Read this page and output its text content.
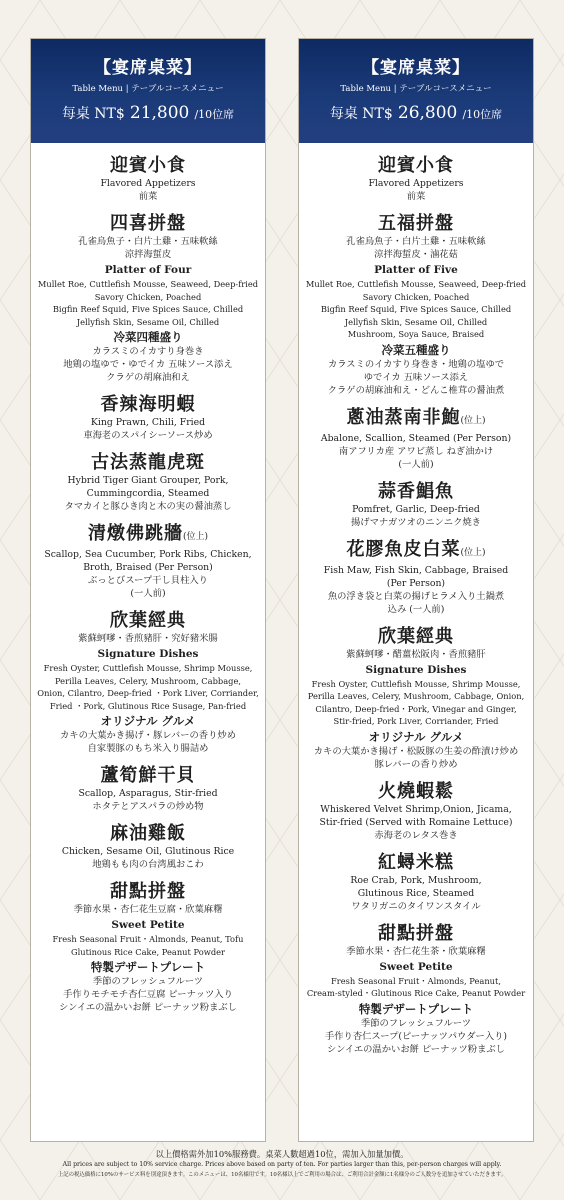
【宴席桌菜】
Table Menu | テーブルコースメニュー
每桌 NT$ 21,800 /10位席
迎賓小食
Flavored Appetizers
前菜
四喜拼盤
孔雀烏魚子・白片土雞・五味軟絲
涼拌海蜇皮
Platter of Four
Mullet Roe, Cuttlefish Mousse, Seaweed, Deep-fried
Savory Chicken, Poached
Bigfin Reef Squid, Five Spices Sauce, Chilled
Jellyfish Skin, Sesame Oil, Chilled
冷菜四種盛り
カラスミのイカすり身巻き
地鶏の塩ゆで・ゆでイカ 五味ソース添え
クラゲの胡麻油和え
香辣海明蝦
King Prawn, Chili, Fried
車海老のスパイシーソース炒め
古法蒸龍虎斑
Hybrid Tiger Giant Grouper, Pork,
Cummingcordia, Steamed
タマカイと豚ひき肉と木の実の醤油蒸し
清燉佛跳牆(位上)
Scallop, Sea Cucumber, Pork Ribs, Chicken,
Broth, Braised (Per Person)
ぶっとびスープ干し貝柱入り
(一人前)
欣葉經典
紫蘇蚵嗲・香煎豬肝・究好豬米腸
Signature Dishes
Fresh Oyster, Cuttlefish Mousse, Shrimp Mousse,
Perilla Leaves, Celery, Mushroom, Cabbage,
Onion, Cilantro, Deep-fried ・Pork Liver, Corriander,
Fried ・Pork, Glutinous Rice Susage, Pan-fried
オリジナル グルメ
カキの大葉かき揚げ・豚レバーの香り炒め
自家製豚のもち米入り腸詰め
蘆筍鮮干貝
Scallop, Asparagus, Stir-fried
ホタテとアスパラの炒め物
麻油雞飯
Chicken, Sesame Oil, Glutinous Rice
地鶏もも肉の台湾風おこわ
甜點拼盤
季節水果・杏仁花生豆腐・欣葉麻糬
Sweet Petite
Fresh Seasonal Fruit・Almonds, Peanut, Tofu
Glutinous Rice Cake, Peanut Powder
特製デザートプレート
季節のフレッシュフルーツ
手作りモチモチ杏仁豆腐 ピーナッツ入り
シンイエの温かいお餅 ピーナッツ粉まぶし
【宴席桌菜】
Table Menu | テーブルコースメニュー
每桌 NT$ 26,800 /10位席
迎賓小食
Flavored Appetizers
前菜
五福拼盤
孔雀烏魚子・白片土雞・五味軟絲
涼拌海蜇皮・滷花菇
Platter of Five
Mullet Roe, Cuttlefish Mousse, Seaweed, Deep-fried
Savory Chicken, Poached
Bigfin Reef Squid, Five Spices Sauce, Chilled
Jellyfish Skin, Sesame Oil, Chilled
Mushroom, Soya Sauce, Braised
冷菜五種盛り
カラスミのイカすり身巻き・地鶏の塩ゆで
ゆでイカ 五味ソース添え
クラゲの胡麻油和え・どんこ椎茸の醤油煮
蔥油蒸南非鮑(位上)
Abalone, Scallion, Steamed (Per Person)
南アフリカ産 アワビ蒸し ねぎ油かけ
(一人前)
蒜香鯧魚
Pomfret, Garlic, Deep-fried
揚げマナガツオのニンニク焼き
花膠魚皮白菜(位上)
Fish Maw, Fish Skin, Cabbage, Braised
(Per Person)
魚の浮き袋と白菜の揚げヒラメ入り土鍋煮
込み (一人前)
欣葉經典
紫蘇蚵嗲・醋薑松阪肉・香煎豬肝
Signature Dishes
Fresh Oyster, Cuttlefish Mousse, Shrimp Mousse,
Perilla Leaves, Celery, Mushroom, Cabbage, Onion,
Cilantro, Deep-fried・Pork, Vinegar and Ginger,
Stir-fried, Pork Liver, Corriander, Fried
オリジナル グルメ
カキの大葉かき揚げ・松阪豚の生姜の酢漬け炒め
豚レバーの香り炒め
火燒蝦鬆
Whiskered Velvet Shrimp,Onion, Jicama,
Stir-fried (Served with Romaine Lettuce)
赤海老のレタス巻き
紅蟳米糕
Roe Crab, Pork, Mushroom,
Glutinous Rice, Steamed
ワタリガニのタイワンスタイル
甜點拼盤
季節水果・杏仁花生茶・欣葉麻糬
Sweet Petite
Fresh Seasonal Fruit・Almonds, Peanut,
Cream-styled・Glutinous Rice Cake, Peanut Powder
特製デザートプレート
季節のフレッシュフルーツ
手作り杏仁スープ(ピーナッツパウダー入り)
シンイエの温かいお餅 ピーナッツ粉まぶし
以上價格需外加10%服務費。桌菜人數超過10位，需加入加量加價。
All prices are subject to 10% service charge. Prices above based on party of ten. For parties larger than this, per-person charges will apply.
上記の税込価格に10%のサービス料を別途頂きます。このメニューは、10名様用です。10名様以上でご利用の場合は、ご利用合計金額に1名様分のご人数分を追加させていただきます。
